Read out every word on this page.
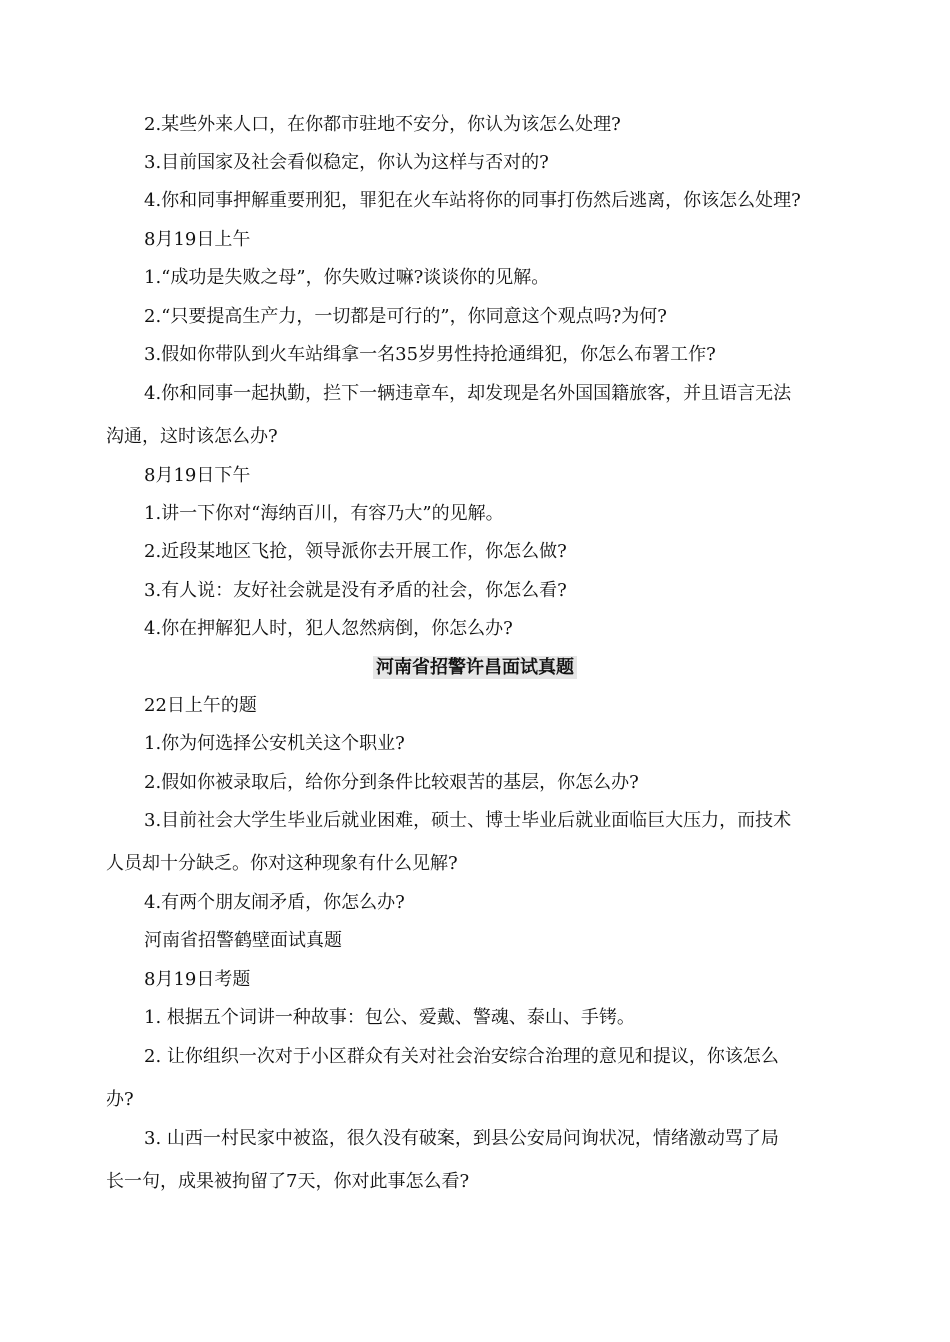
2.某些外来人口，在你都市驻地不安分，你认为该怎么处理?
3.目前国家及社会看似稳定，你认为这样与否对的?
4.你和同事押解重要刑犯，罪犯在火车站将你的同事打伤然后逃离，你该怎么处理?
8月19日上午
1.“成功是失败之母”，你失败过嘛?谈谈你的见解。
2.“只要提高生产力，一切都是可行的”，你同意这个观点吗?为何?
3.假如你带队到火车站缉拿一名35岁男性持抢通缉犯，你怎么布署工作?
4.你和同事一起执勤，拦下一辆违章车，却发现是名外国国籍旅客，并且语言无法
沟通，这时该怎么办?
8月19日下午
1.讲一下你对“海纳百川，有容乃大”的见解。
2.近段某地区飞抢，领导派你去开展工作，你怎么做?
3.有人说：友好社会就是没有矛盾的社会，你怎么看?
4.你在押解犯人时，犯人忽然病倒，你怎么办?
河南省招警许昌面试真题
22日上午的题
1.你为何选择公安机关这个职业?
2.假如你被录取后，给你分到条件比较艰苦的基层，你怎么办?
3.目前社会大学生毕业后就业困难，硕士、博士毕业后就业面临巨大压力，而技术
人员却十分缺乏。你对这种现象有什么见解?
4.有两个朋友闹矛盾，你怎么办?
河南省招警鹤壁面试真题
8月19日考题
1. 根据五个词讲一种故事：包公、爱戴、警魂、泰山、手铐。
2. 让你组织一次对于小区群众有关对社会治安综合治理的意见和提议，你该怎么
办?
3. 山西一村民家中被盗，很久没有破案，到县公安局问询状况，情绪激动骂了局
长一句，成果被拘留了7天，你对此事怎么看?
